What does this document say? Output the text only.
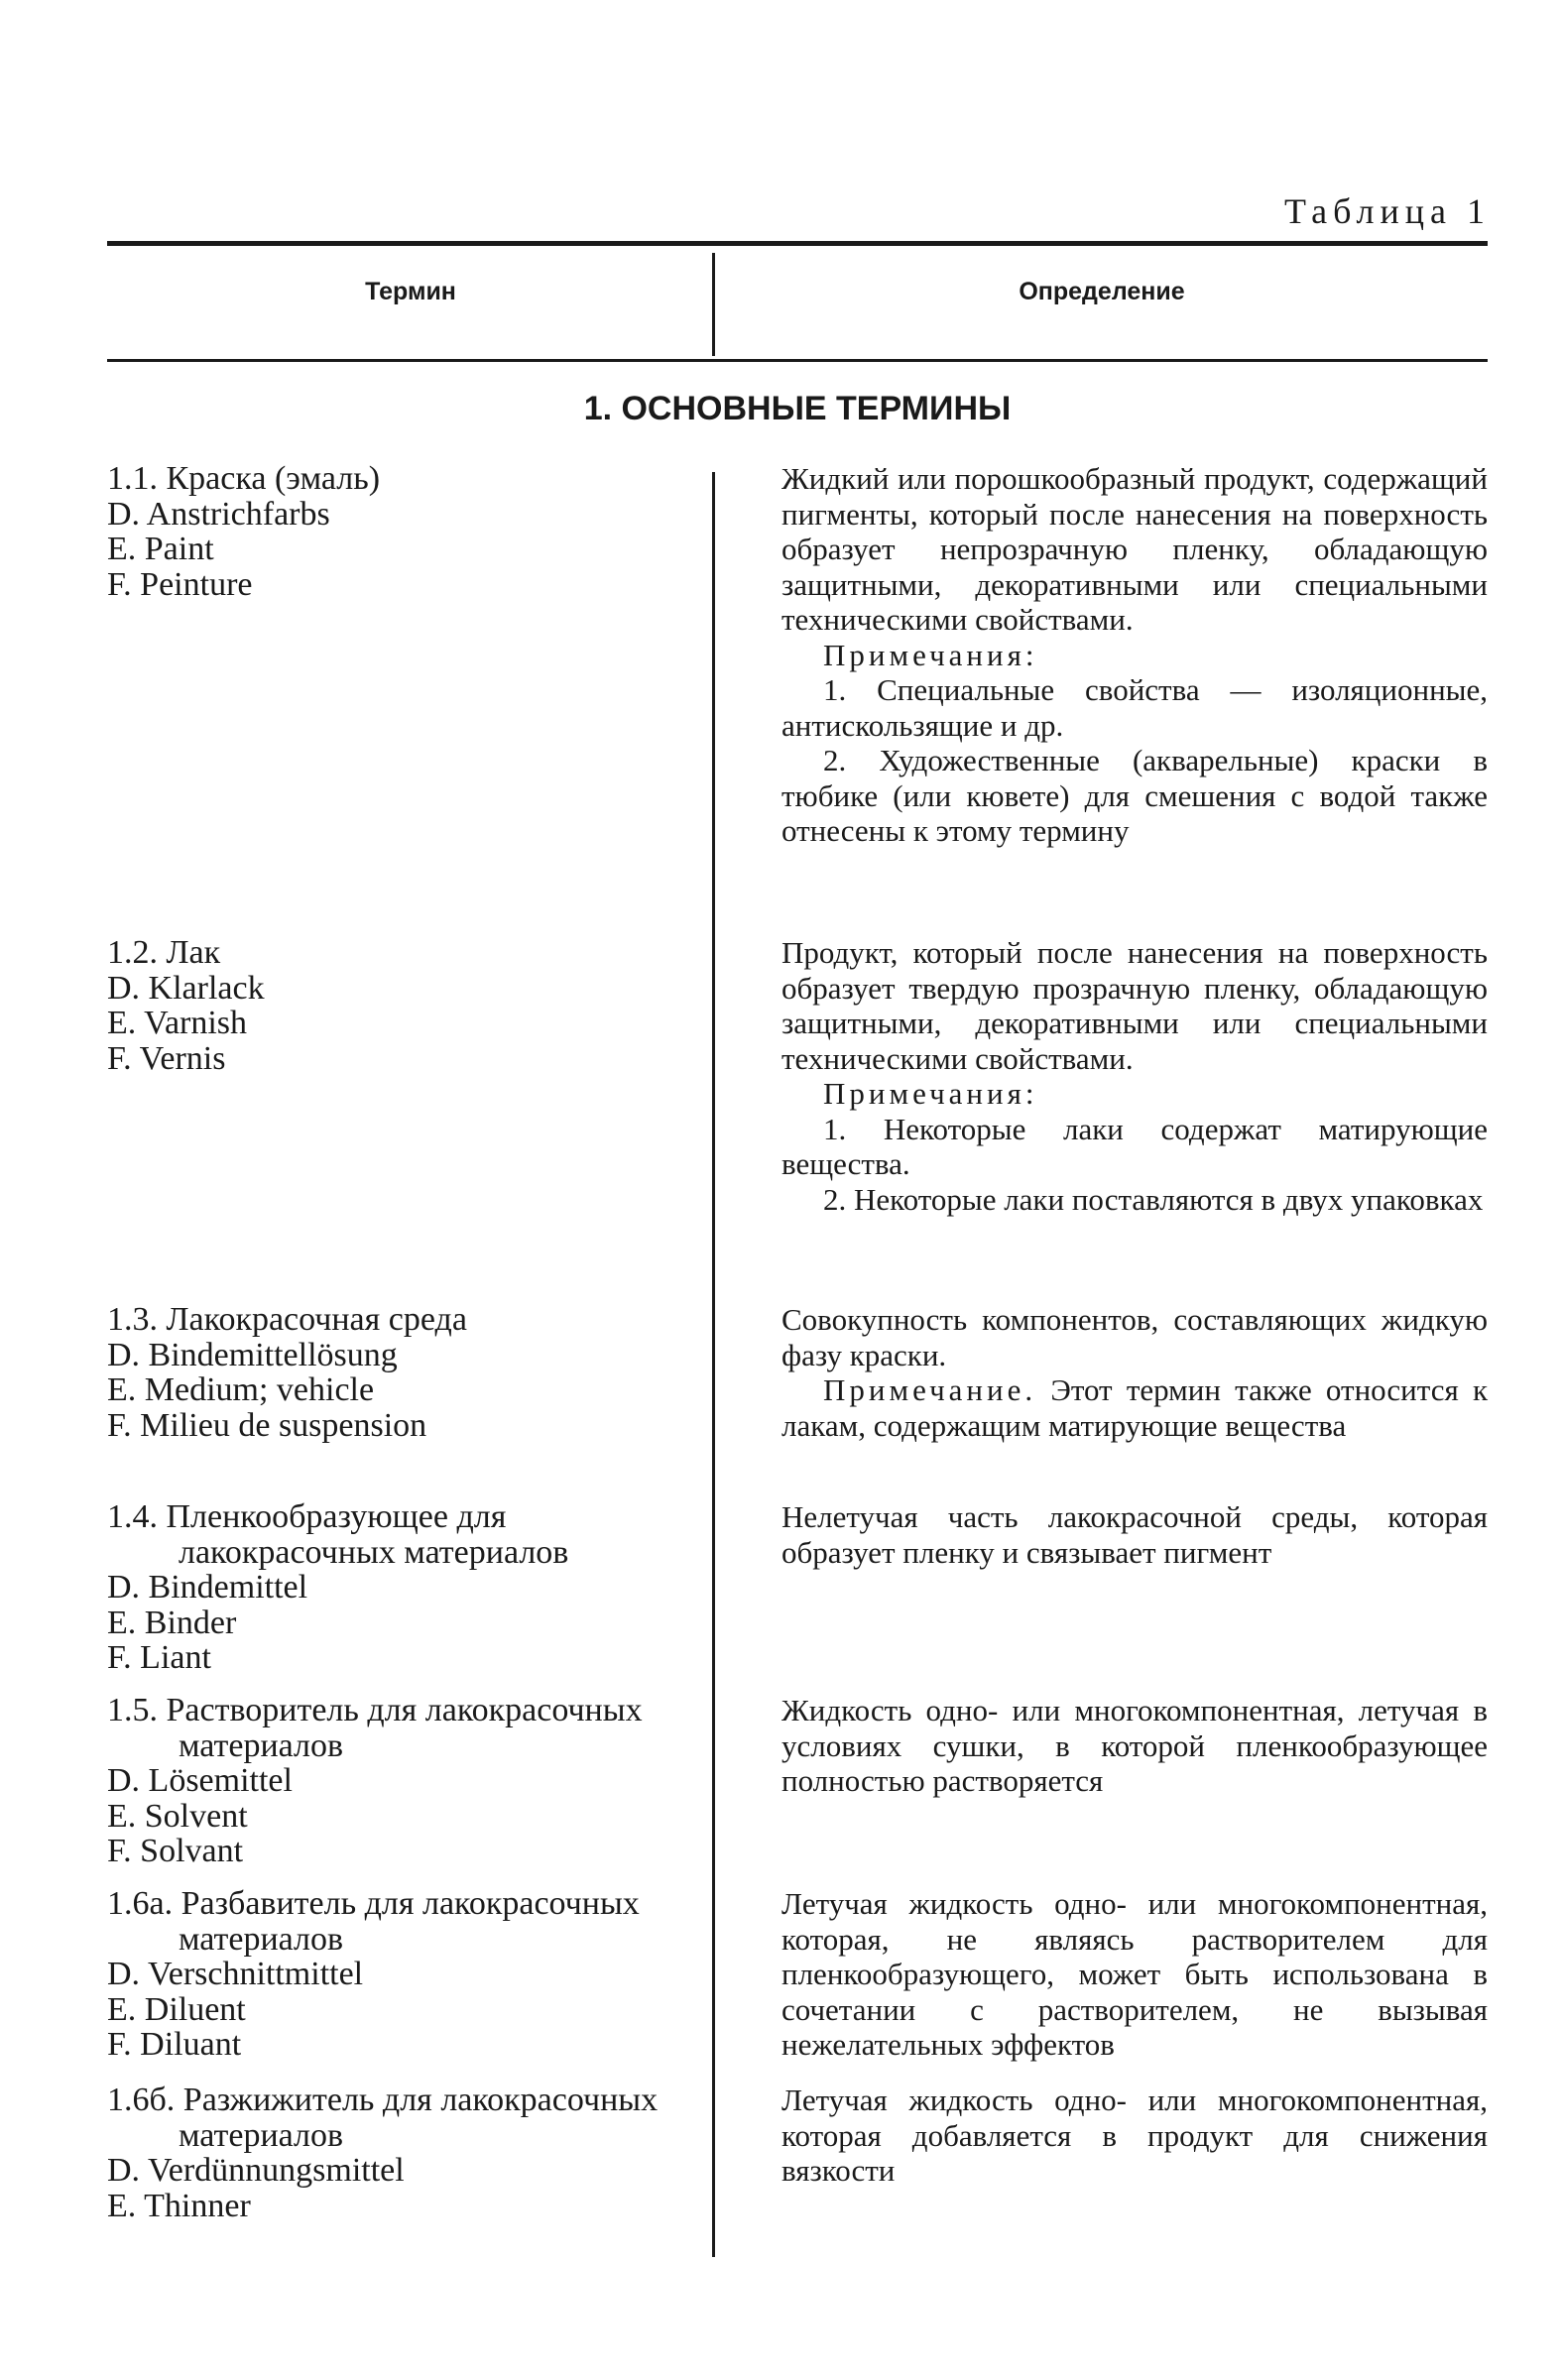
Таблица 1
Термин	Определение
1. ОСНОВНЫЕ ТЕРМИНЫ
1.1. Краска (эмаль)
D. Anstrichfarbs
E. Paint
F. Peinture

Жидкий или порошкообразный продукт, содержащий пигменты, который после нанесения на поверхность образует непрозрачную пленку, обладающую защитными, декоративными или специальными техническими свойствами.

Примечания:

1. Специальные свойства — изоляционные, антискользящие и др.

2. Художественные (акварельные) краски в тюбике (или кювете) для смешения с водой также отнесены к этому термину

1.2. Лак
D. Klarlack
E. Varnish
F. Vernis

Продукт, который после нанесения на поверхность образует твердую прозрачную пленку, обладающую защитными, декоративными или специальными техническими свойствами.

Примечания:

1. Некоторые лаки содержат матирующие вещества.

2. Некоторые лаки поставляются в двух упаковках

1.3. Лакокрасочная среда
D. Bindemittellösung
E. Medium; vehicle
F. Milieu de suspension

Совокупность компонентов, составляющих жидкую фазу краски.

Примечание. Этот термин также относится к лакам, содержащим матирующие вещества

1.4. Пленкообразующее для лакокрасочных материалов
D. Bindemittel
E. Binder
F. Liant

Нелетучая часть лакокрасочной среды, которая образует пленку и связывает пигмент

1.5. Растворитель для лакокрасочных материалов
D. Lösemittel
E. Solvent
F. Solvant

Жидкость одно- или многокомпонентная, летучая в условиях сушки, в которой пленкообразующее полностью растворяется

1.6а. Разбавитель для лакокрасочных материалов
D. Verschnittmittel
E. Diluent
F. Diluant

Летучая жидкость одно- или многокомпонентная, которая, не являясь растворителем для пленкообразующего, может быть использована в сочетании с растворителем, не вызывая нежелательных эффектов

1.6б. Разжижитель для лакокрасочных материалов
D. Verdünnungsmittel
E. Thinner

Летучая жидкость одно- или многокомпонентная, которая добавляется в продукт для снижения вязкости
